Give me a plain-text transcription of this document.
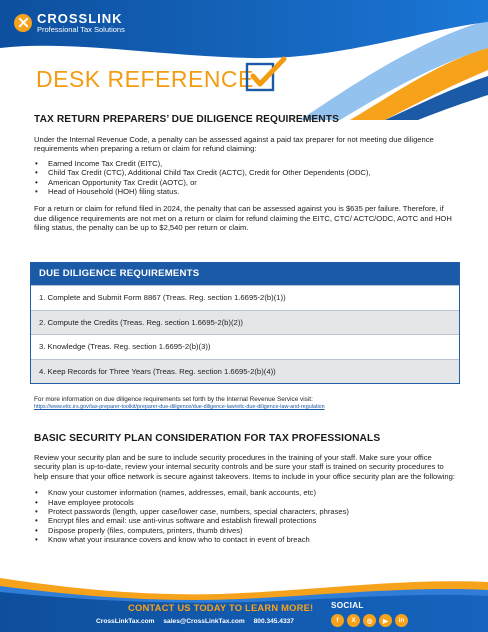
CROSSLINK
Professional Tax Solutions
DESK REFERENCE
TAX RETURN PREPARERS’ DUE DILIGENCE REQUIREMENTS
Under the Internal Revenue Code, a penalty can be assessed against a paid tax preparer for not meeting due diligence requirements when preparing a return or claim for refund claiming:
• Earned Income Tax Credit (EITC),
• Child Tax Credit (CTC), Additional Child Tax Credit (ACTC), Credit for Other Dependents (ODC),
• American Opportunity Tax Credit (AOTC), or
• Head of Household (HOH) filing status.
For a return or claim for refund filed in 2024, the penalty that can be assessed against you is $635 per failure. Therefore, if due diligence requirements are not met on a return or claim for refund claiming the EITC, CTC/ ACTC/ODC, AOTC and HOH filing status, the penalty can be up to $2,540 per return or claim.
DUE DILIGENCE REQUIREMENTS
1. Complete and Submit Form 8867 (Treas. Reg. section 1.6695-2(b)(1))
2. Compute the Credits (Treas. Reg. section 1.6695-2(b)(2))
3. Knowledge (Treas. Reg. section 1.6695-2(b)(3))
4. Keep Records for Three Years (Treas. Reg. section 1.6695-2(b)(4))
For more information on due diligence requirements set forth by the Internal Revenue Service visit:
https://www.eitc.irs.gov/tax-preparer-toolkit/preparer-due-diligence/due-diligence-law/eitc-due-diligence-law-and-regulation
BASIC SECURITY PLAN CONSIDERATION FOR TAX PROFESSIONALS
Review your security plan and be sure to include security procedures in the training of your staff. Make sure your office security plan is up-to-date, review your internal security controls and be sure your staff is trained on security procedures to help ensure that your office network is secure against takeovers. Items to include in your office security plan are the following:
• Know your customer information (names, addresses, email, bank accounts, etc)
• Have employee protocols
• Protect passwords (length, upper case/lower case, numbers, special characters, phrases)
• Encrypt files and email: use anti-virus software and establish firewall protections
• Dispose properly (files, computers, printers, thumb drives)
• Know what your insurance covers and know who to contact in event of breach
CONTACT US TODAY TO LEARN MORE!
CrossLinkTax.com sales@CrossLinkTax.com 800.345.4337
SOCIAL
f	X	◎	▶	in
